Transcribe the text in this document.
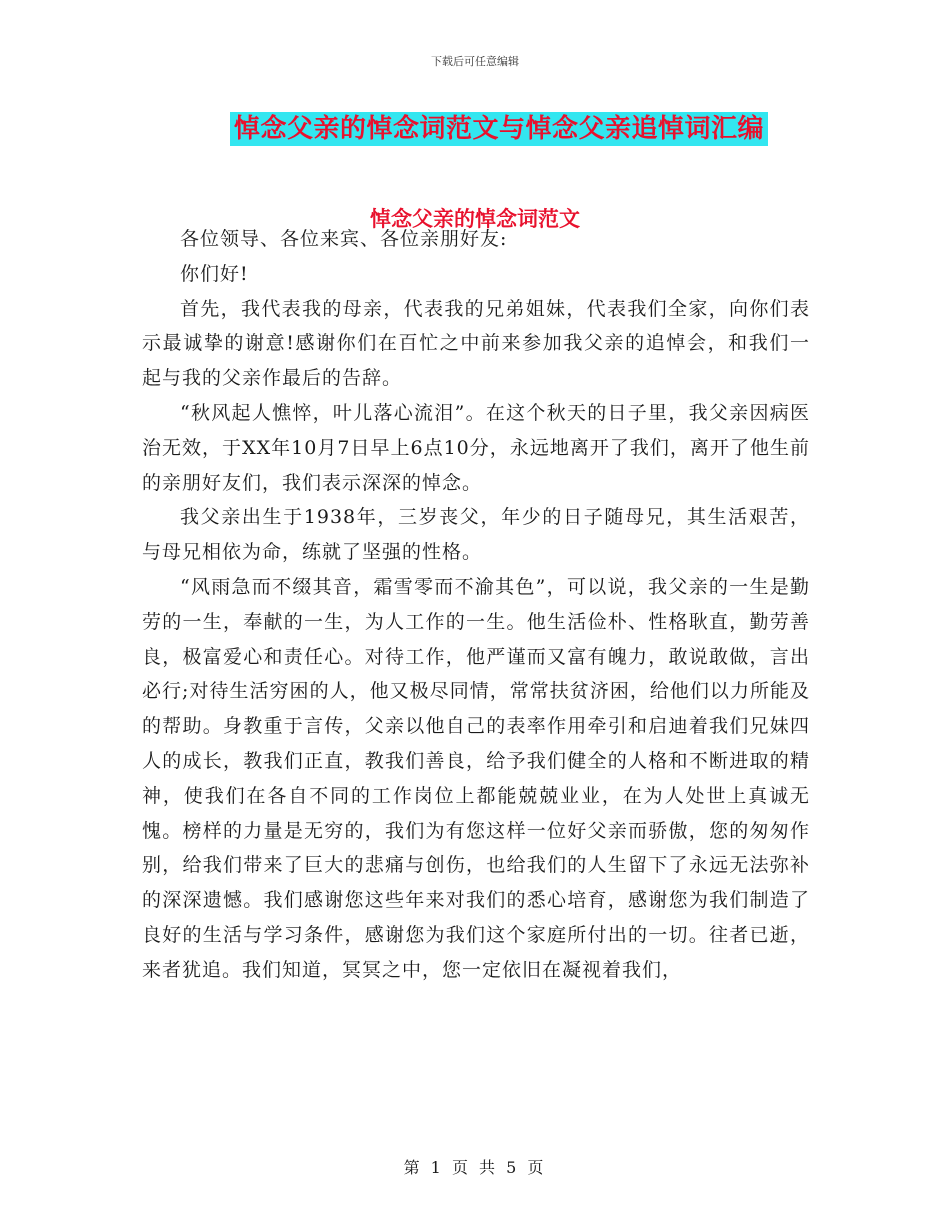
下载后可任意编辑
悼念父亲的悼念词范文与悼念父亲追悼词汇编
悼念父亲的悼念词范文

各位领导、各位来宾、各位亲朋好友:

你们好!

首先，我代表我的母亲，代表我的兄弟姐妹，代表我们全家，向你们表示最诚挚的谢意!感谢你们在百忙之中前来参加我父亲的追悼会，和我们一起与我的父亲作最后的告辞。

“秋风起人憔悴，叶儿落心流泪”。在这个秋天的日子里，我父亲因病医治无效，于XX年10月7日早上6点10分，永远地离开了我们，离开了他生前的亲朋好友们，我们表示深深的悼念。

我父亲出生于1938年，三岁丧父，年少的日子随母兄，其生活艰苦，与母兄相依为命，练就了坚强的性格。

“风雨急而不缀其音，霜雪零而不渝其色”，可以说，我父亲的一生是勤劳的一生，奉献的一生，为人工作的一生。他生活俭朴、性格耿直，勤劳善良，极富爱心和责任心。对待工作，他严谨而又富有魄力，敢说敢做，言出必行;对待生活穷困的人，他又极尽同情，常常扶贫济困，给他们以力所能及的帮助。身教重于言传，父亲以他自己的表率作用牵引和启迪着我们兄妹四人的成长，教我们正直，教我们善良，给予我们健全的人格和不断进取的精神，使我们在各自不同的工作岗位上都能兢兢业业，在为人处世上真诚无愧。榜样的力量是无穷的，我们为有您这样一位好父亲而骄傲，您的匆匆作别，给我们带来了巨大的悲痛与创伤，也给我们的人生留下了永远无法弥补的深深遗憾。我们感谢您这些年来对我们的悉心培育，感谢您为我们制造了良好的生活与学习条件，感谢您为我们这个家庭所付出的一切。往者已逝，来者犹追。我们知道，冥冥之中，您一定依旧在凝视着我们，

第 1 页 共 5 页
